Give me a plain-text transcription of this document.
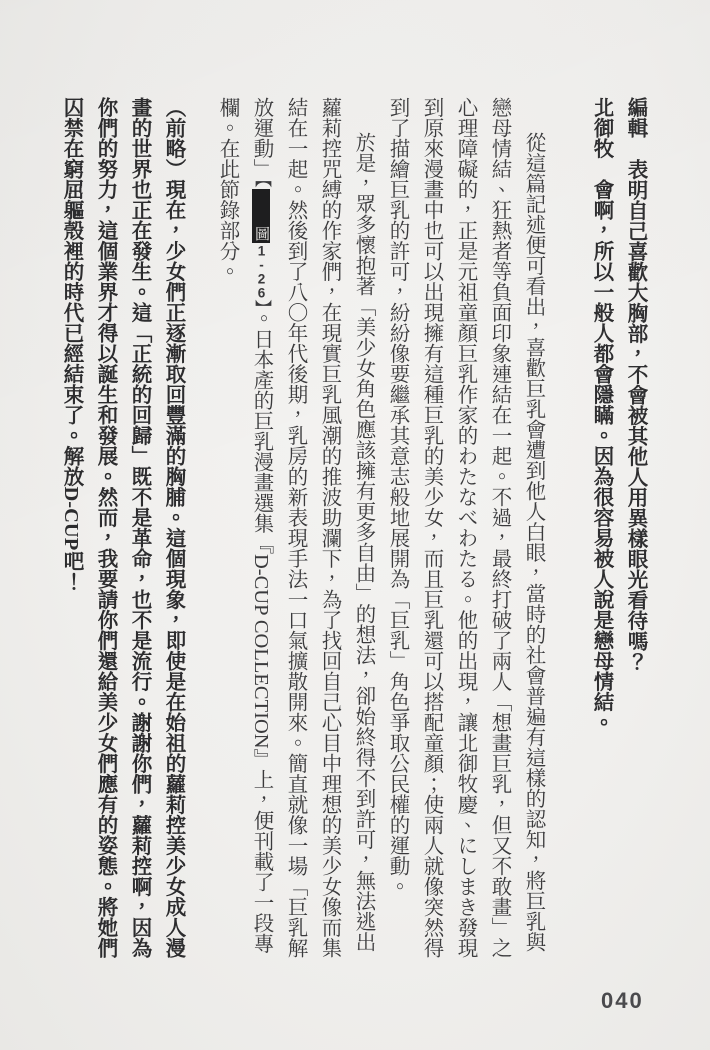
編輯表明自己喜歡大胸部，不會被其他人用異樣眼光看待嗎？

北御牧會啊，所以一般人都會隱瞞。因為很容易被人說是戀母情結。

從這篇記述便可看出，喜歡巨乳會遭到他人白眼，當時的社會普遍有這樣的認知，將巨乳與戀母情結、狂熱者等負面印象連結在一起。不過，最終打破了兩人「想畫巨乳，但又不敢畫」之心理障礙的，正是元祖童顏巨乳作家的わたなべわたる。他的出現，讓北御牧慶、にしまき發現到原來漫畫中也可以出現擁有這種巨乳的美少女，而且巨乳還可以搭配童顏；使兩人就像突然得到了描繪巨乳的許可，紛紛像要繼承其意志般地展開為「巨乳」角色爭取公民權的運動。

於是，眾多懷抱著「美少女角色應該擁有更多自由」的想法，卻始終得不到許可，無法逃出蘿莉控咒縛的作家們，在現實巨乳風潮的推波助瀾下，為了找回自己心目中理想的美少女像而集結在一起。然後到了八〇年代後期，乳房的新表現手法一口氣擴散開來。簡直就像一場「巨乳解放運動」【圖1-26】。日本產的巨乳漫畫選集『D-CUP COLLECTION』上，便刊載了一段專欄。在此節錄部分。

（前略）現在，少女們正逐漸取回豐滿的胸脯。這個現象，即使是在始祖的蘿莉控美少女成人漫畫的世界也正在發生。這「正統的回歸」既不是革命，也不是流行。謝謝你們，蘿莉控啊，因為你們的努力，這個業界才得以誕生和發展。然而，我要請你們還給美少女們應有的姿態。將她們囚禁在窮屈軀殼裡的時代已經結束了。解放D-CUP吧！

040
